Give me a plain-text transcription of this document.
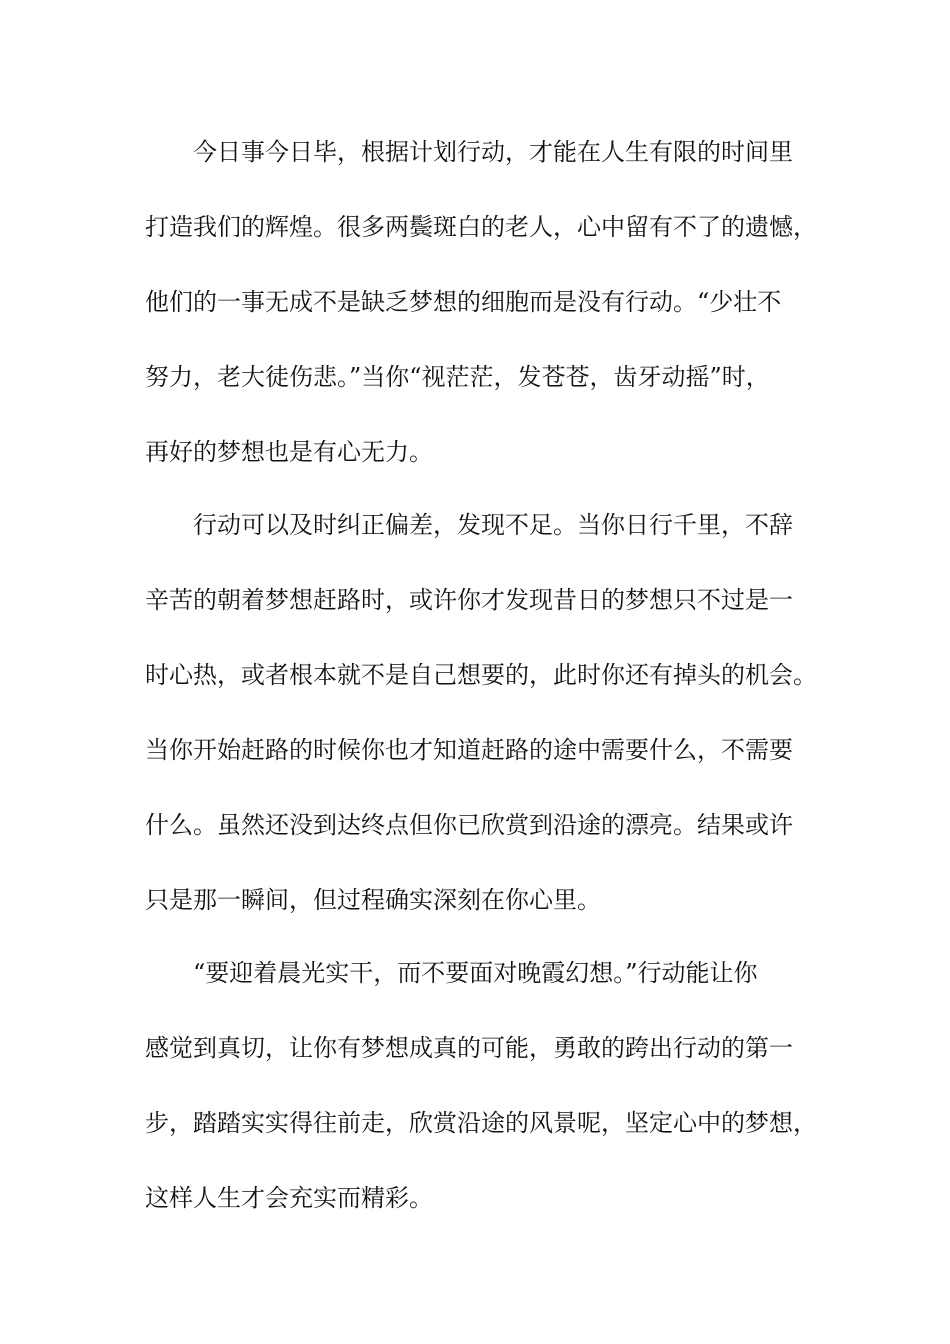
今日事今日毕，根据计划行动，才能在人生有限的时间里
打造我们的辉煌。很多两鬓斑白的老人，心中留有不了的遗憾，
他们的一事无成不是缺乏梦想的细胞而是没有行动。“少壮不
努力，老大徒伤悲。”当你“视茫茫，发苍苍，齿牙动摇”时，
再好的梦想也是有心无力。
行动可以及时纠正偏差，发现不足。当你日行千里，不辞
辛苦的朝着梦想赶路时，或许你才发现昔日的梦想只不过是一
时心热，或者根本就不是自己想要的，此时你还有掉头的机会。
当你开始赶路的时候你也才知道赶路的途中需要什么，不需要
什么。虽然还没到达终点但你已欣赏到沿途的漂亮。结果或许
只是那一瞬间，但过程确实深刻在你心里。
“要迎着晨光实干，而不要面对晚霞幻想。”行动能让你
感觉到真切，让你有梦想成真的可能，勇敢的跨出行动的第一
步，踏踏实实得往前走，欣赏沿途的风景呢，坚定心中的梦想，
这样人生才会充实而精彩。
